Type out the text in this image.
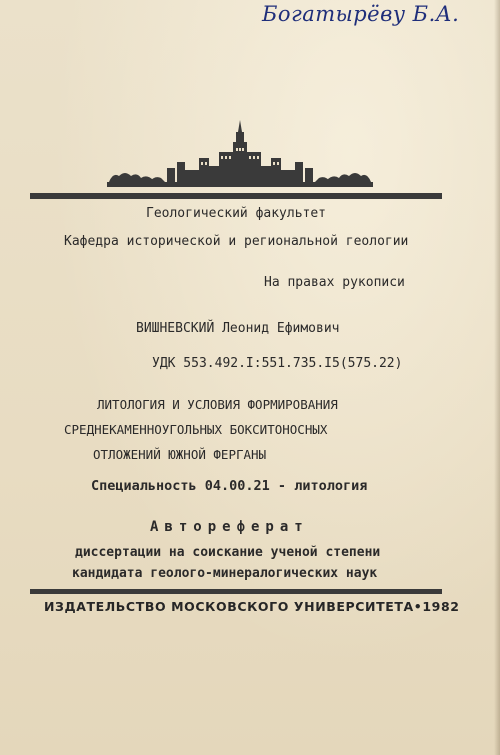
Богатырёву Б.А.
Геологический факультет
Кафедра исторической и региональной геологии
На правах рукописи
ВИШНЕВСКИЙ Леонид Ефимович
УДК 553.492.I:551.735.I5(575.22)
ЛИТОЛОГИЯ И УСЛОВИЯ ФОРМИРОВАНИЯ
СРЕДНЕКАМЕННОУГОЛЬНЫХ БОКСИТОНОСНЫХ
ОТЛОЖЕНИЙ ЮЖНОЙ ФЕРГАНЫ
Специальность 04.00.21 - литология
Автореферат
диссертации на соискание ученой степени
кандидата геолого-минералогических наук
ИЗДАТЕЛЬСТВО МОСКОВСКОГО УНИВЕРСИТЕТА•1982
